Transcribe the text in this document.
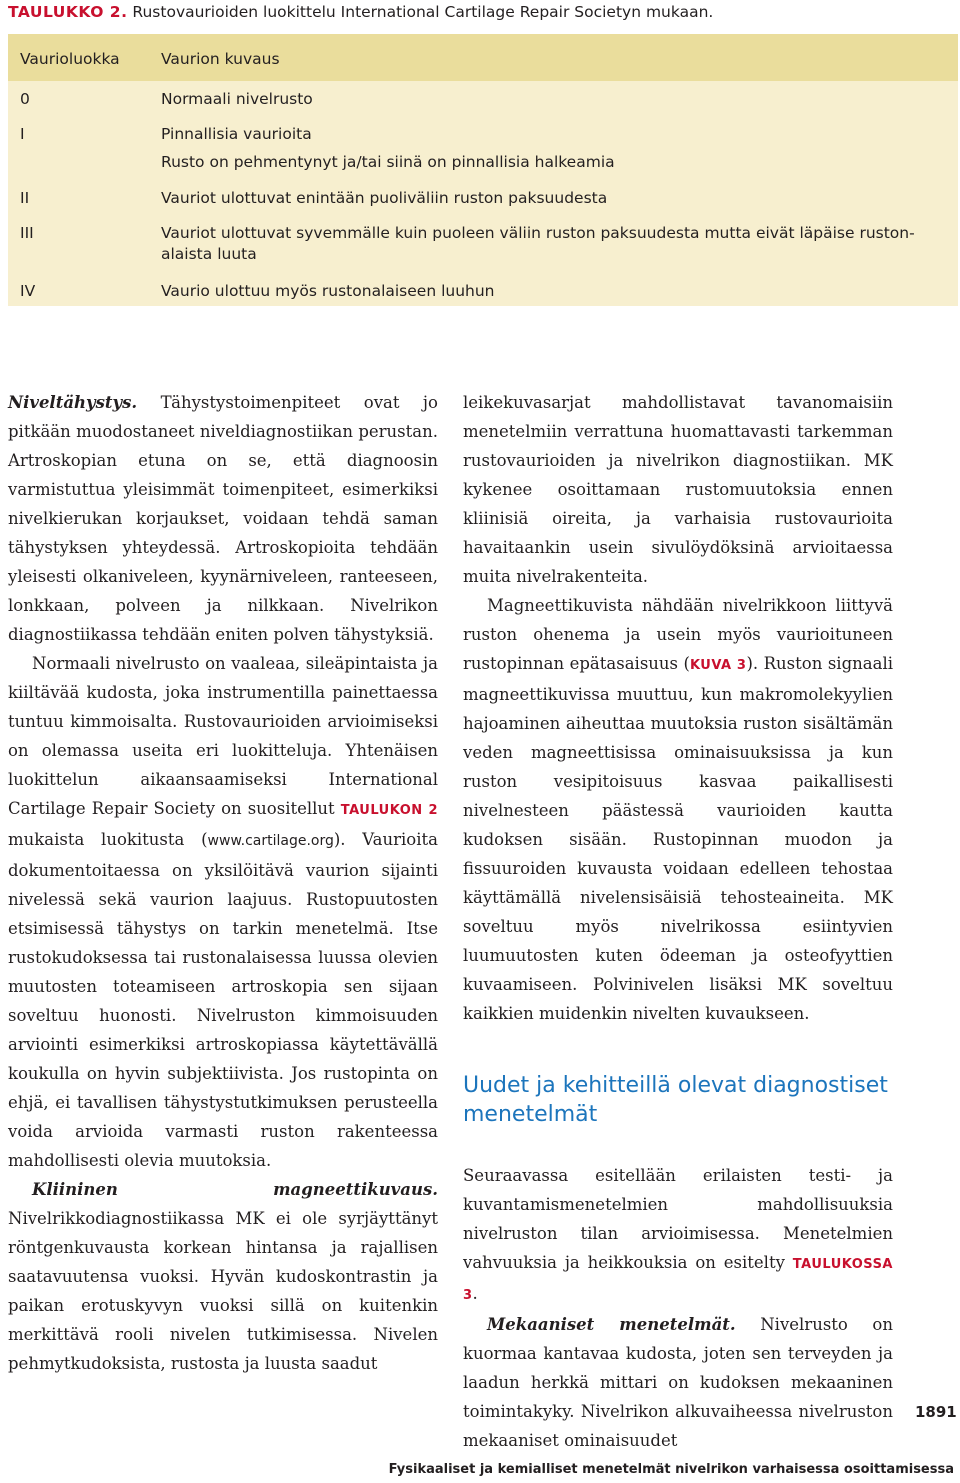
TAULUKKO 2. Rustovaurioiden luokittelu International Cartilage Repair Societyn mukaan.
Vaurioluokka	Vaurion kuvaus
0	Normaali nivelrusto
I	Pinnallisia vaurioita
Rusto on pehmentynyt ja/tai siinä on pinnallisia halkeamia
II	Vauriot ulottuvat enintään puoliväliin ruston paksuudesta
III	Vauriot ulottuvat syvemmälle kuin puoleen väliin ruston paksuudesta mutta eivät läpäise rustonalaista luuta
IV	Vaurio ulottuu myös rustonalaiseen luuhun

Niveltähystys. Tähystystoimenpiteet ovat jo pitkään muodostaneet niveldiagnostiikan perustan. Artroskopian etuna on se, että diagnoosin varmistuttua yleisimmät toimenpiteet, esimerkiksi nivelkierukan korjaukset, voidaan tehdä saman tähystyksen yhteydessä. Artroskopioita tehdään yleisesti olkaniveleen, kyynärniveleen, ranteeseen, lonkkaan, polveen ja nilkkaan. Nivelrikon diagnostiikassa tehdään eniten polven tähystyksiä.

Normaali nivelrusto on vaaleaa, sileäpintaista ja kiiltävää kudosta, joka instrumentilla painettaessa tuntuu kimmoisalta. Rustovaurioiden arvioimiseksi on olemassa useita eri luokitteluja. Yhtenäisen luokittelun aikaansaamiseksi International Cartilage Repair Society on suositellut TAULUKON 2 mukaista luokitusta (www.cartilage.org). Vaurioita dokumentoitaessa on yksilöitävä vaurion sijainti nivelessä sekä vaurion laajuus. Rustopuutosten etsimisessä tähystys on tarkin menetelmä. Itse rustokudoksessa tai rustonalaisessa luussa olevien muutosten toteamiseen artroskopia sen sijaan soveltuu huonosti. Nivelruston kimmoisuuden arviointi esimerkiksi artroskopiassa käytettävällä koukulla on hyvin subjektiivista. Jos rustopinta on ehjä, ei tavallisen tähystystutkimuksen perusteella voida arvioida varmasti ruston rakenteessa mahdollisesti olevia muutoksia.

Kliininen magneettikuvaus. Nivelrikkodiagnostiikassa MK ei ole syrjäyttänyt röntgenkuvausta korkean hintansa ja rajallisen saatavuutensa vuoksi. Hyvän kudoskontrastin ja paikan erotuskyvyn vuoksi sillä on kuitenkin merkittävä rooli nivelen tutkimisessa. Nivelen pehmytkudoksista, rustosta ja luusta saadut

leikekuvasarjat mahdollistavat tavanomaisiin menetelmiin verrattuna huomattavasti tarkemman rustovaurioiden ja nivelrikon diagnostiikan. MK kykenee osoittamaan rustomuutoksia ennen kliinisiä oireita, ja varhaisia rustovaurioita havaitaankin usein sivulöydöksinä arvioitaessa muita nivelrakenteita.

Magneettikuvista nähdään nivelrikkoon liittyvä ruston ohenema ja usein myös vaurioituneen rustopinnan epätasaisuus (KUVA 3). Ruston signaali magneettikuvissa muuttuu, kun makromolekyylien hajoaminen aiheuttaa muutoksia ruston sisältämän veden magneettisissa ominaisuuksissa ja kun ruston vesipitoisuus kasvaa paikallisesti nivelnesteen päästessä vaurioiden kautta kudoksen sisään. Rustopinnan muodon ja fissuuroiden kuvausta voidaan edelleen tehostaa käyttämällä nivelensisäisiä tehosteaineita. MK soveltuu myös nivelrikossa esiintyvien luumuutosten kuten ödeeman ja osteofyyttien kuvaamiseen. Polvinivelen lisäksi MK soveltuu kaikkien muidenkin nivelten kuvaukseen.

Uudet ja kehitteillä olevat diagnostiset menetelmät

Seuraavassa esitellään erilaisten testi- ja kuvantamismenetelmien mahdollisuuksia nivelruston tilan arvioimisessa. Menetelmien vahvuuksia ja heikkouksia on esitelty TAULUKOSSA 3.

Mekaaniset menetelmät. Nivelrusto on kuormaa kantavaa kudosta, joten sen terveyden ja laadun herkkä mittari on kudoksen mekaaninen toimintakyky. Nivelrikon alkuvaiheessa nivelruston mekaaniset ominaisuudet

1891
Fysikaaliset ja kemialliset menetelmät nivelrikon varhaisessa osoittamisessa
